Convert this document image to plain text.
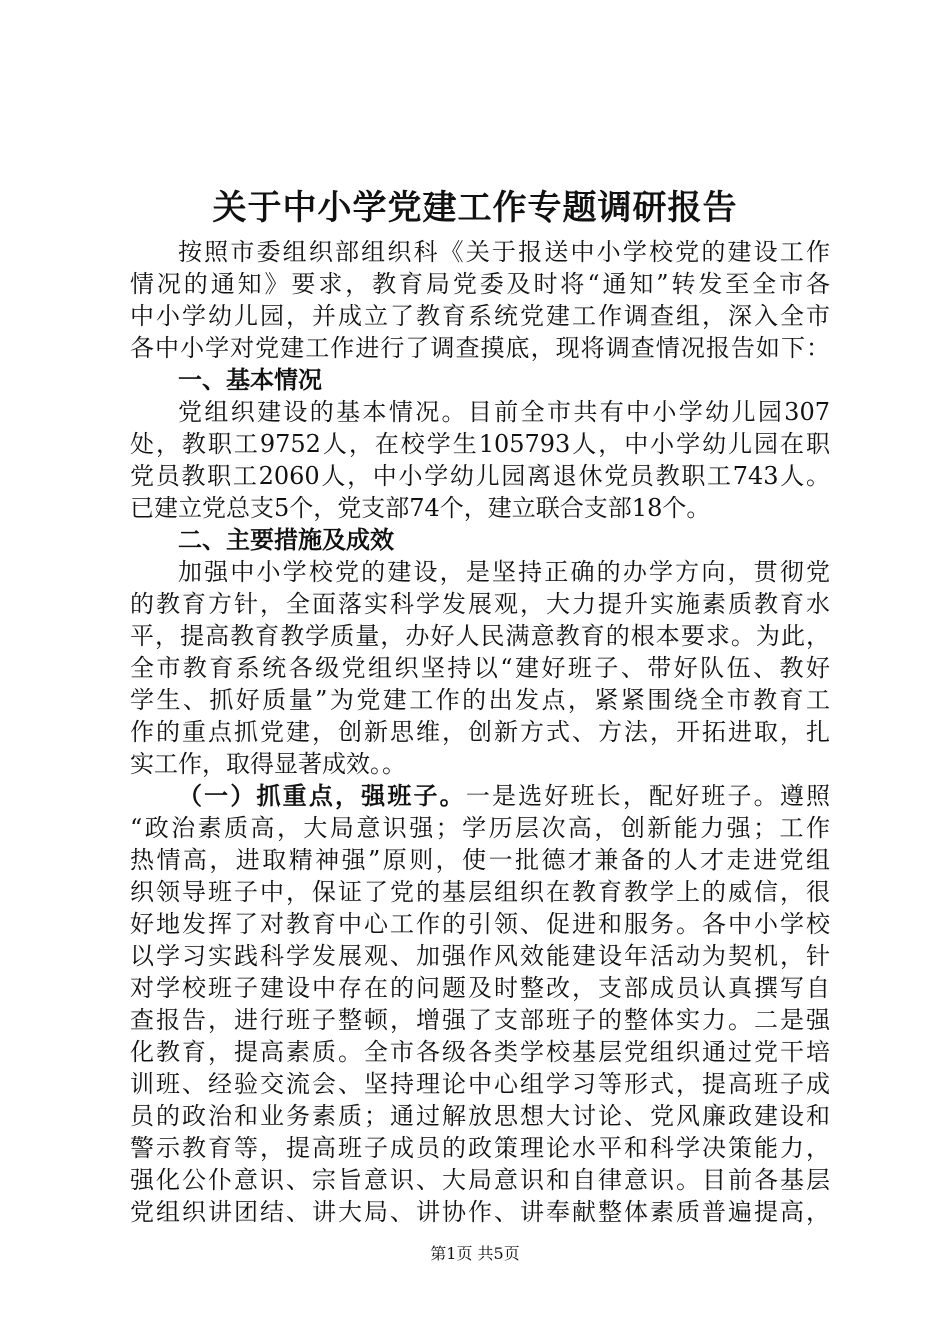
关于中小学党建工作专题调研报告
按照市委组织部组织科《关于报送中小学校党的建设工作
情况的通知》要求，教育局党委及时将“通知”转发至全市各
中小学幼儿园，并成立了教育系统党建工作调查组，深入全市
各中小学对党建工作进行了调查摸底，现将调查情况报告如下：
一、基本情况
党组织建设的基本情况。目前全市共有中小学幼儿园307
处，教职工9752人，在校学生105793人，中小学幼儿园在职
党员教职工2060人，中小学幼儿园离退休党员教职工743人。
已建立党总支5个，党支部74个，建立联合支部18个。
二、主要措施及成效
加强中小学校党的建设，是坚持正确的办学方向，贯彻党
的教育方针，全面落实科学发展观，大力提升实施素质教育水
平，提高教育教学质量，办好人民满意教育的根本要求。为此，
全市教育系统各级党组织坚持以“建好班子、带好队伍、教好
学生、抓好质量”为党建工作的出发点，紧紧围绕全市教育工
作的重点抓党建，创新思维，创新方式、方法，开拓进取，扎
实工作，取得显著成效。。
（一）抓重点，强班子。一是选好班长，配好班子。遵照
“政治素质高，大局意识强；学历层次高，创新能力强；工作
热情高，进取精神强”原则，使一批德才兼备的人才走进党组
织领导班子中，保证了党的基层组织在教育教学上的威信，很
好地发挥了对教育中心工作的引领、促进和服务。各中小学校
以学习实践科学发展观、加强作风效能建设年活动为契机，针
对学校班子建设中存在的问题及时整改，支部成员认真撰写自
查报告，进行班子整顿，增强了支部班子的整体实力。二是强
化教育，提高素质。全市各级各类学校基层党组织通过党干培
训班、经验交流会、坚持理论中心组学习等形式，提高班子成
员的政治和业务素质；通过解放思想大讨论、党风廉政建设和
警示教育等，提高班子成员的政策理论水平和科学决策能力，
强化公仆意识、宗旨意识、大局意识和自律意识。目前各基层
党组织讲团结、讲大局、讲协作、讲奉献整体素质普遍提高，
第1页 共5页
